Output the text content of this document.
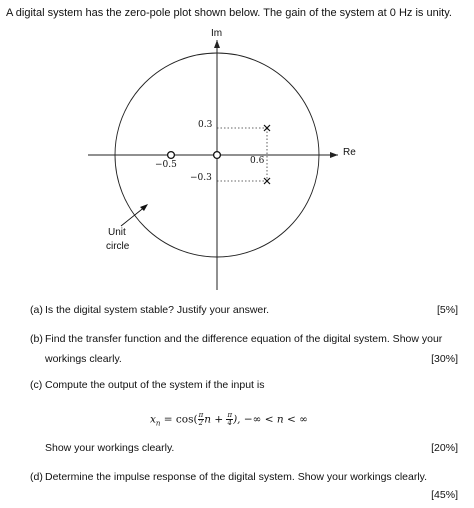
A digital system has the zero-pole plot shown below. The gain of the system at 0 Hz is unity.
Im
Re
0.3
−0.3
−0.5	0.6
Unit
circle
(a) Is the digital system stable? Justify your answer.	[5%]
(b) Find the transfer function and the difference equation of the digital system. Show your
workings clearly.	[30%]
(c) Compute the output of the system if the input is
$x_n = \cos( \frac{\pi}{2}$ $n + \frac{\pi}{4}$ ), −∞ < n < ∞
Show your workings clearly.	[20%]
(d) Determine the impulse response of the digital system. Show your workings clearly.
[45%]
